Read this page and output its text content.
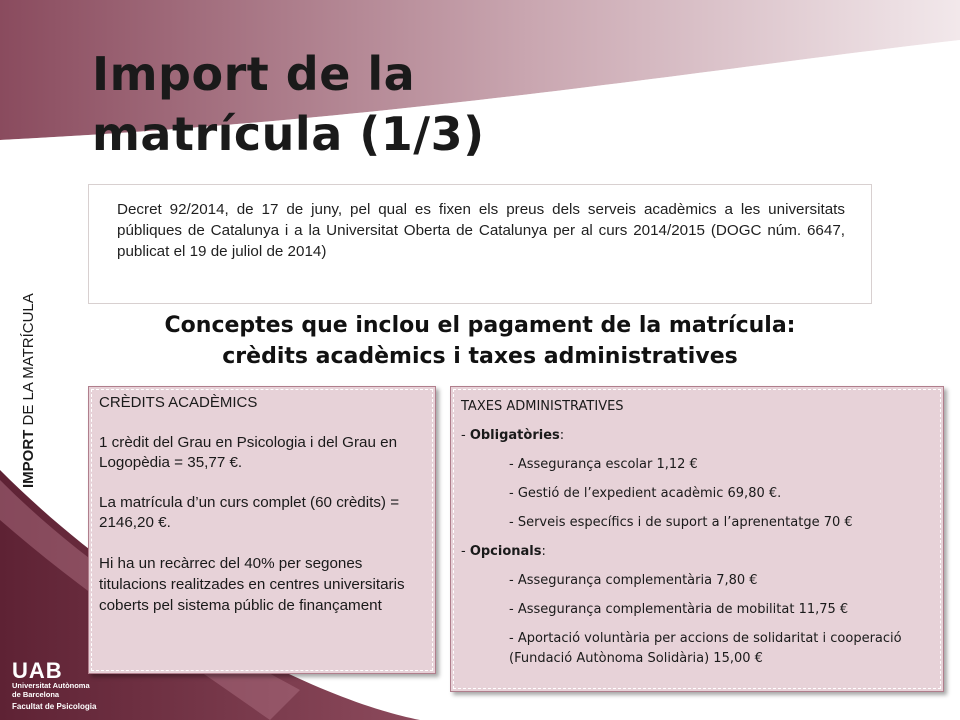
Import de la
matrícula (1/3)
IMPORT DE LA MATRÍCULA
Decret 92/2014, de 17 de juny, pel qual es fixen els preus dels serveis acadèmics a les universitats públiques de Catalunya i a la Universitat Oberta de Catalunya per al curs 2014/2015 (DOGC núm. 6647, publicat el 19 de juliol de 2014)
Conceptes que inclou el pagament de la matrícula:
crèdits acadèmics i taxes administratives
CRÈDITS ACADÈMICS

1 crèdit del Grau en Psicologia i del Grau en Logopèdia = 35,77 €.

La matrícula d’un curs complet (60 crèdits) = 2146,20 €.

Hi ha un recàrrec del 40% per segones titulacions realitzades en centres universitaris coberts pel sistema públic de finançament

TAXES ADMINISTRATIVES
- Obligatòries:
- Assegurança escolar 1,12 €
- Gestió de l’expedient acadèmic 69,80 €.
- Serveis específics i de suport a l’aprenentatge 70 €
- Opcionals:
- Assegurança complementària 7,80 €
- Assegurança complementària de mobilitat 11,75 €
- Aportació voluntària per accions de solidaritat i cooperació (Fundació Autònoma Solidària) 15,00 €
UAB
Universitat Autònoma
de Barcelona
Facultat de Psicologia
